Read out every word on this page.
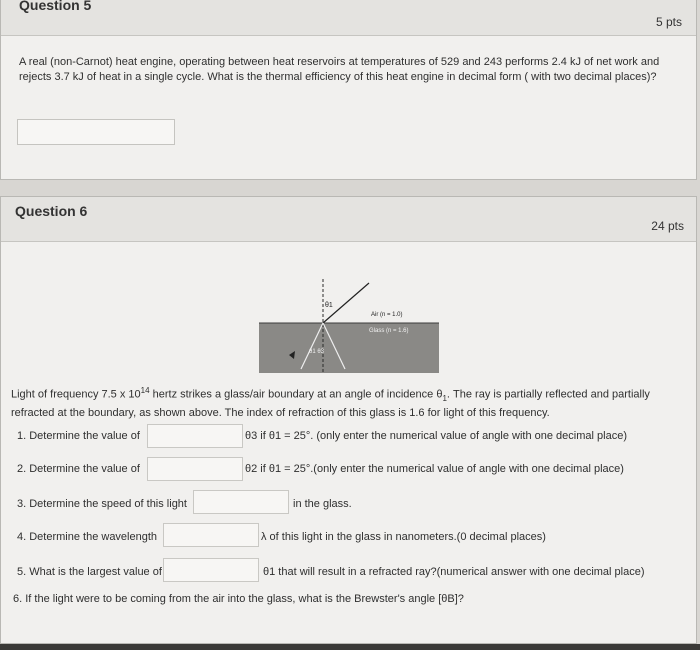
Question 5
5 pts
A real (non-Carnot) heat engine, operating between heat reservoirs at temperatures of 529 and 243 performs 2.4 kJ of net work and rejects 3.7 kJ of heat in a single cycle. What is the thermal efficiency of this heat engine in decimal form ( with two decimal places)?
Question 6
24 pts
θ1
Air (n = 1.0)
Glass (n = 1.6)
θ1 θ3
Light of frequency 7.5 x $10^{14}$ hertz strikes a glass/air boundary at an angle of incidence $\theta_1$. The ray is partially reflected and partially
refracted at the boundary, as shown above. The index of refraction of this glass is 1.6 for light of this frequency.
1. Determine the value of	θ3 if θ1 = 25°. (only enter the numerical value of angle with one decimal place)
2. Determine the value of	θ2 if θ1 = 25°.(only enter the numerical value of angle with one decimal place)
3. Determine the speed of this light	in the glass.
4. Determine the wavelength	λ of this light in the glass in nanometers.(0 decimal places)
5. What is the largest value of	θ1 that will result in a refracted ray?(numerical answer with one decimal place)
6. If the light were to be coming from the air into the glass, what is the Brewster's angle [θB]?
